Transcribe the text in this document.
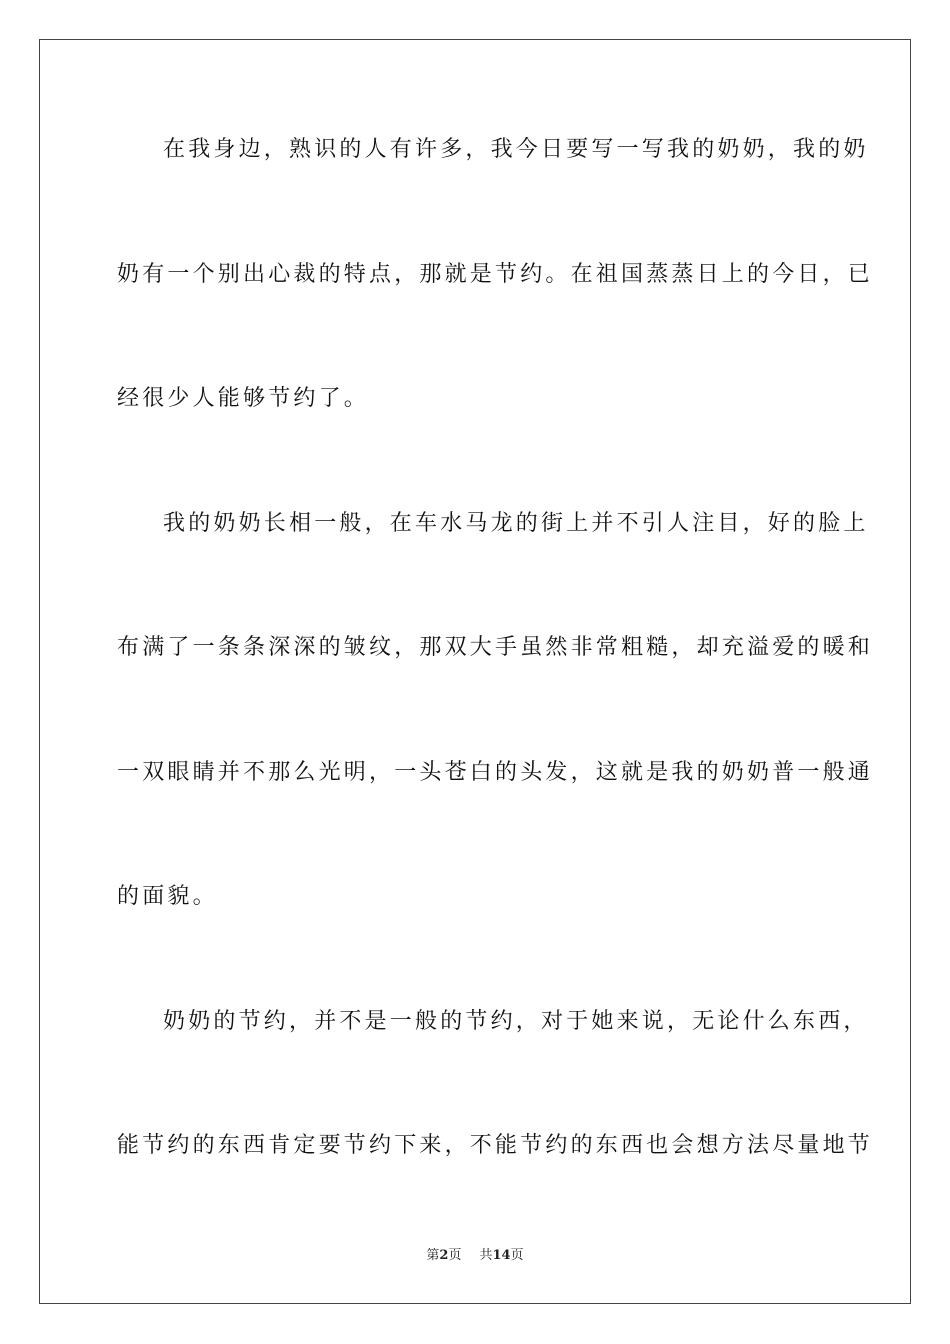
在我身边，熟识的人有许多，我今日要写一写我的奶奶，我的奶
奶有一个别出心裁的特点，那就是节约。在祖国蒸蒸日上的今日，已
经很少人能够节约了。
我的奶奶长相一般，在车水马龙的街上并不引人注目，好的脸上
布满了一条条深深的皱纹，那双大手虽然非常粗糙，却充溢爱的暖和
一双眼睛并不那么光明，一头苍白的头发，这就是我的奶奶普一般通
的面貌。
奶奶的节约，并不是一般的节约，对于她来说，无论什么东西，
能节约的东西肯定要节约下来，不能节约的东西也会想方法尽量地节
第2页 共14页
